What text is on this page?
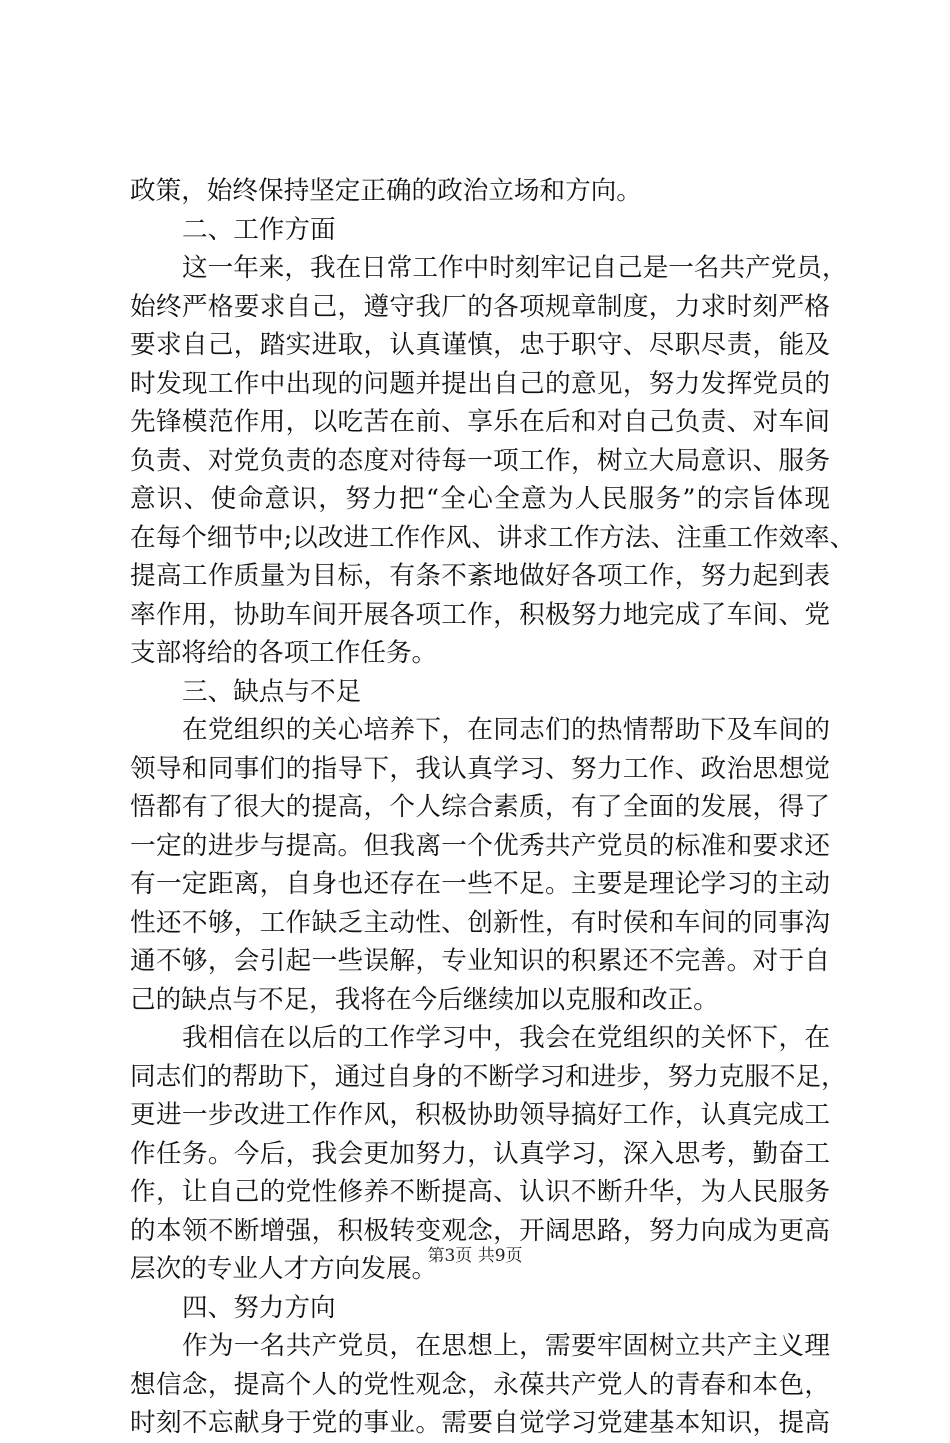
政策，始终保持坚定正确的政治立场和方向。
二、工作方面
这一年来，我在日常工作中时刻牢记自己是一名共产党员，
始终严格要求自己，遵守我厂的各项规章制度，力求时刻严格
要求自己，踏实进取，认真谨慎，忠于职守、尽职尽责，能及
时发现工作中出现的问题并提出自己的意见，努力发挥党员的
先锋模范作用，以吃苦在前、享乐在后和对自己负责、对车间
负责、对党负责的态度对待每一项工作，树立大局意识、服务
意识、使命意识，努力把“全心全意为人民服务”的宗旨体现
在每个细节中;以改进工作作风、讲求工作方法、注重工作效率、
提高工作质量为目标，有条不紊地做好各项工作，努力起到表
率作用，协助车间开展各项工作，积极努力地完成了车间、党
支部将给的各项工作任务。
三、缺点与不足
在党组织的关心培养下，在同志们的热情帮助下及车间的
领导和同事们的指导下，我认真学习、努力工作、政治思想觉
悟都有了很大的提高，个人综合素质，有了全面的发展，得了
一定的进步与提高。但我离一个优秀共产党员的标准和要求还
有一定距离，自身也还存在一些不足。主要是理论学习的主动
性还不够，工作缺乏主动性、创新性，有时侯和车间的同事沟
通不够，会引起一些误解，专业知识的积累还不完善。对于自
己的缺点与不足，我将在今后继续加以克服和改正。
我相信在以后的工作学习中，我会在党组织的关怀下，在
同志们的帮助下，通过自身的不断学习和进步，努力克服不足，
更进一步改进工作作风，积极协助领导搞好工作，认真完成工
作任务。今后，我会更加努力，认真学习，深入思考，勤奋工
作，让自己的党性修养不断提高、认识不断升华，为人民服务
的本领不断增强，积极转变观念，开阔思路，努力向成为更高
层次的专业人才方向发展。
四、努力方向
作为一名共产党员，在思想上，需要牢固树立共产主义理
想信念，提高个人的党性观念，永葆共产党人的青春和本色，
时刻不忘献身于党的事业。需要自觉学习党建基本知识，提高
第3页 共9页
